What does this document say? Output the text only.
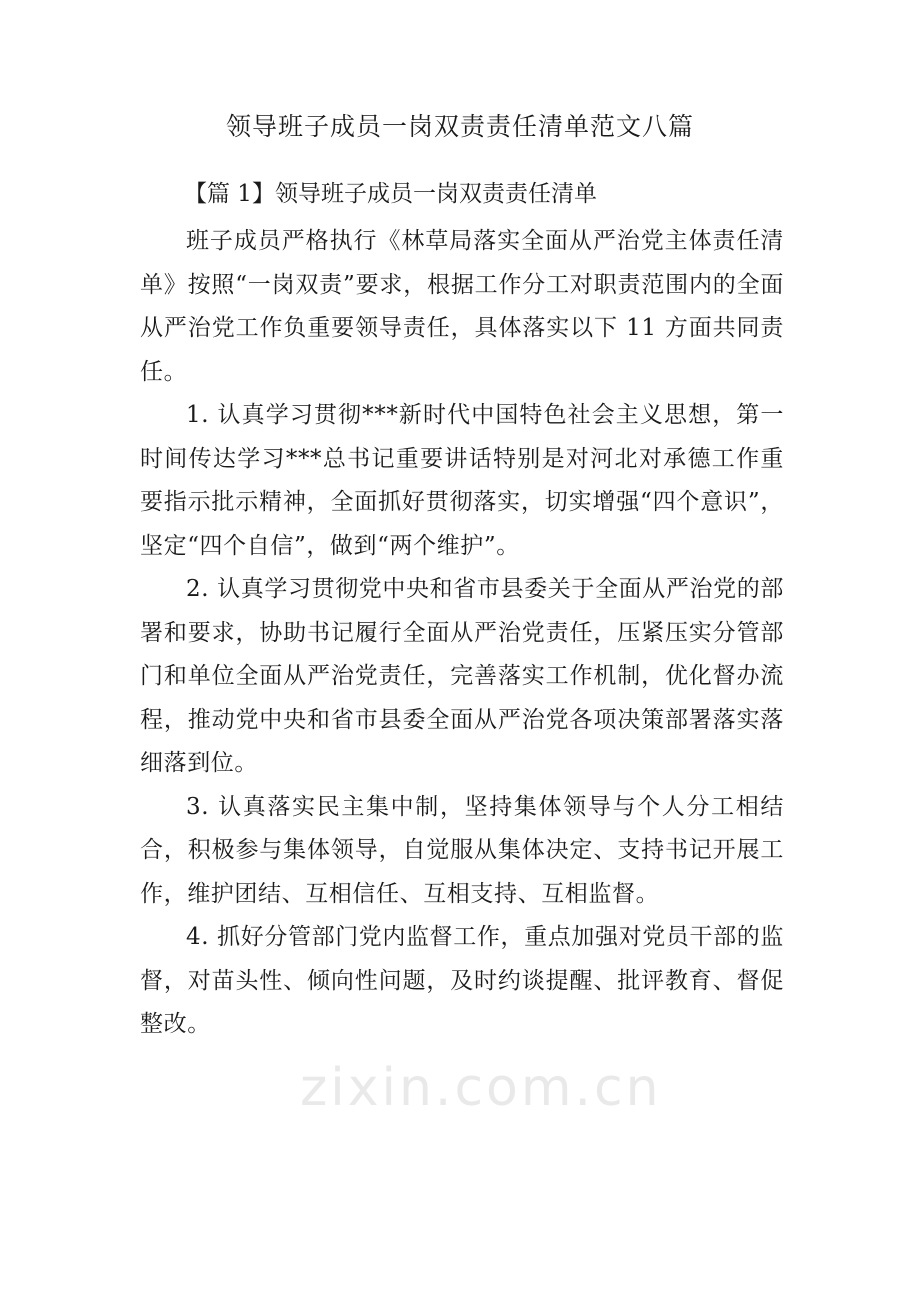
领导班子成员一岗双责责任清单范文八篇
【篇 1】领导班子成员一岗双责责任清单

班子成员严格执行《林草局落实全面从严治党主体责任清单》按照“一岗双责”要求，根据工作分工对职责范围内的全面从严治党工作负重要领导责任，具体落实以下 11 方面共同责任。

1. 认真学习贯彻***新时代中国特色社会主义思想，第一时间传达学习***总书记重要讲话特别是对河北对承德工作重要指示批示精神，全面抓好贯彻落实，切实增强“四个意识”，坚定“四个自信”，做到“两个维护”。

2. 认真学习贯彻党中央和省市县委关于全面从严治党的部署和要求，协助书记履行全面从严治党责任，压紧压实分管部门和单位全面从严治党责任，完善落实工作机制，优化督办流程，推动党中央和省市县委全面从严治党各项决策部署落实落细落到位。

3. 认真落实民主集中制，坚持集体领导与个人分工相结合，积极参与集体领导，自觉服从集体决定、支持书记开展工作，维护团结、互相信任、互相支持、互相监督。

4. 抓好分管部门党内监督工作，重点加强对党员干部的监督，对苗头性、倾向性问题，及时约谈提醒、批评教育、督促整改。

zixin.com.cn
